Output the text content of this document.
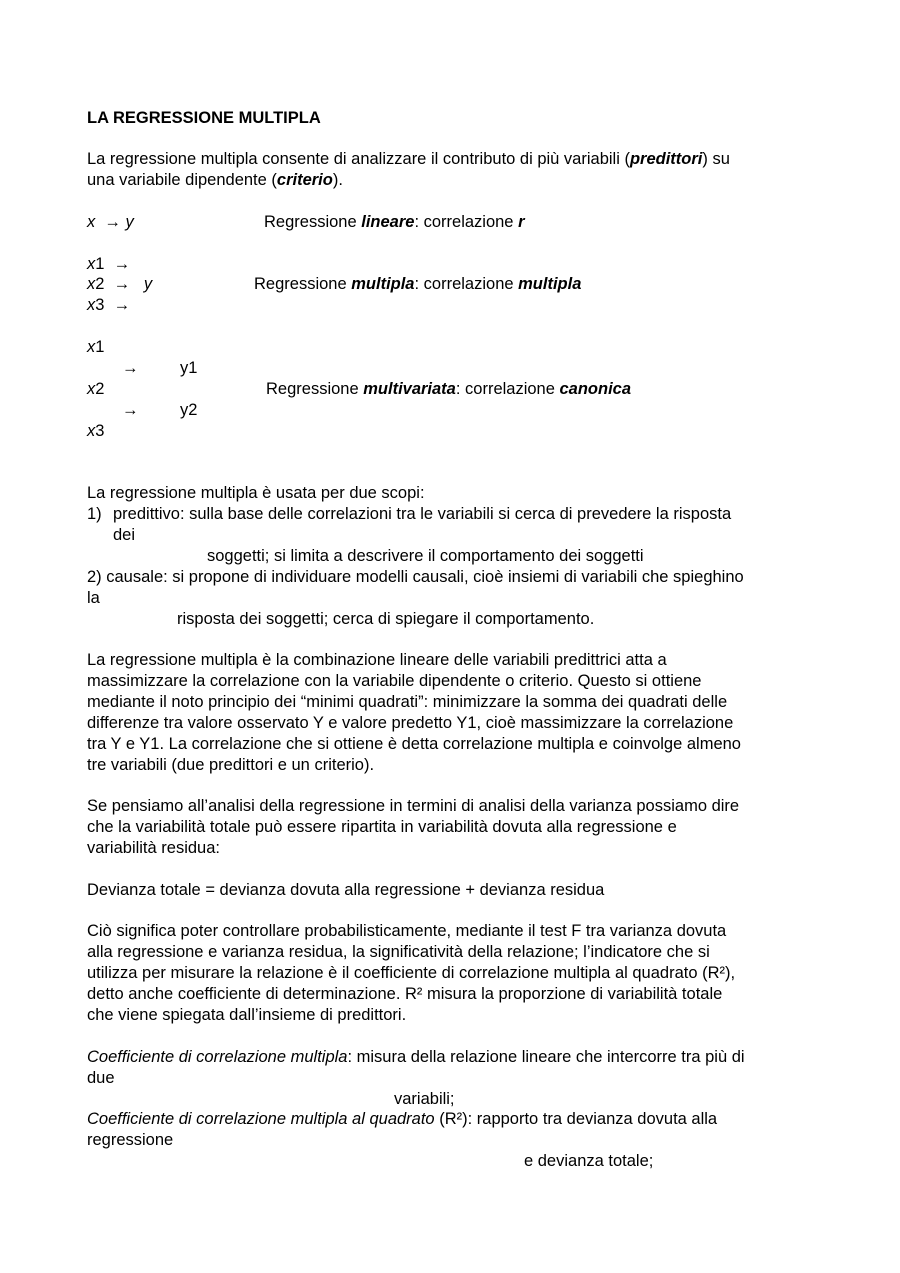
LA REGRESSIONE MULTIPLA
La regressione multipla consente di analizzare il contributo di più variabili (predittori) su
una variabile dipendente (criterio).
x → y	Regressione lineare: correlazione r
x1 →
x2 → y
x3 →
Regressione multipla: correlazione multipla
x1
→	y1
x2	Regressione multivariata: correlazione canonica
→	y2
x3
La regressione multipla è usata per due scopi:
1) predittivo: sulla base delle correlazioni tra le variabili si cerca di prevedere la risposta
dei
soggetti; si limita a descrivere il comportamento dei soggetti
2) causale: si propone di individuare modelli causali, cioè insiemi di variabili che spieghino
la
risposta dei soggetti; cerca di spiegare il comportamento.
La regressione multipla è la combinazione lineare delle variabili predittrici atta a
massimizzare la correlazione con la variabile dipendente o criterio. Questo si ottiene
mediante il noto principio dei “minimi quadrati”: minimizzare la somma dei quadrati delle
differenze tra valore osservato Y e valore predetto Y1, cioè massimizzare la correlazione
tra Y e Y1. La correlazione che si ottiene è detta correlazione multipla e coinvolge almeno
tre variabili (due predittori e un criterio).
Se pensiamo all’analisi della regressione in termini di analisi della varianza possiamo dire
che la variabilità totale può essere ripartita in variabilità dovuta alla regressione e
variabilità residua:
Devianza totale = devianza dovuta alla regressione + devianza residua
Ciò significa poter controllare probabilisticamente, mediante il test F tra varianza dovuta
alla regressione e varianza residua, la significatività della relazione; l’indicatore che si
utilizza per misurare la relazione è il coefficiente di correlazione multipla al quadrato (R²),
detto anche coefficiente di determinazione. R² misura la proporzione di variabilità totale
che viene spiegata dall’insieme di predittori.
Coefficiente di correlazione multipla: misura della relazione lineare che intercorre tra più di
due
variabili;
Coefficiente di correlazione multipla al quadrato (R²): rapporto tra devianza dovuta alla
regressione
e devianza totale;
